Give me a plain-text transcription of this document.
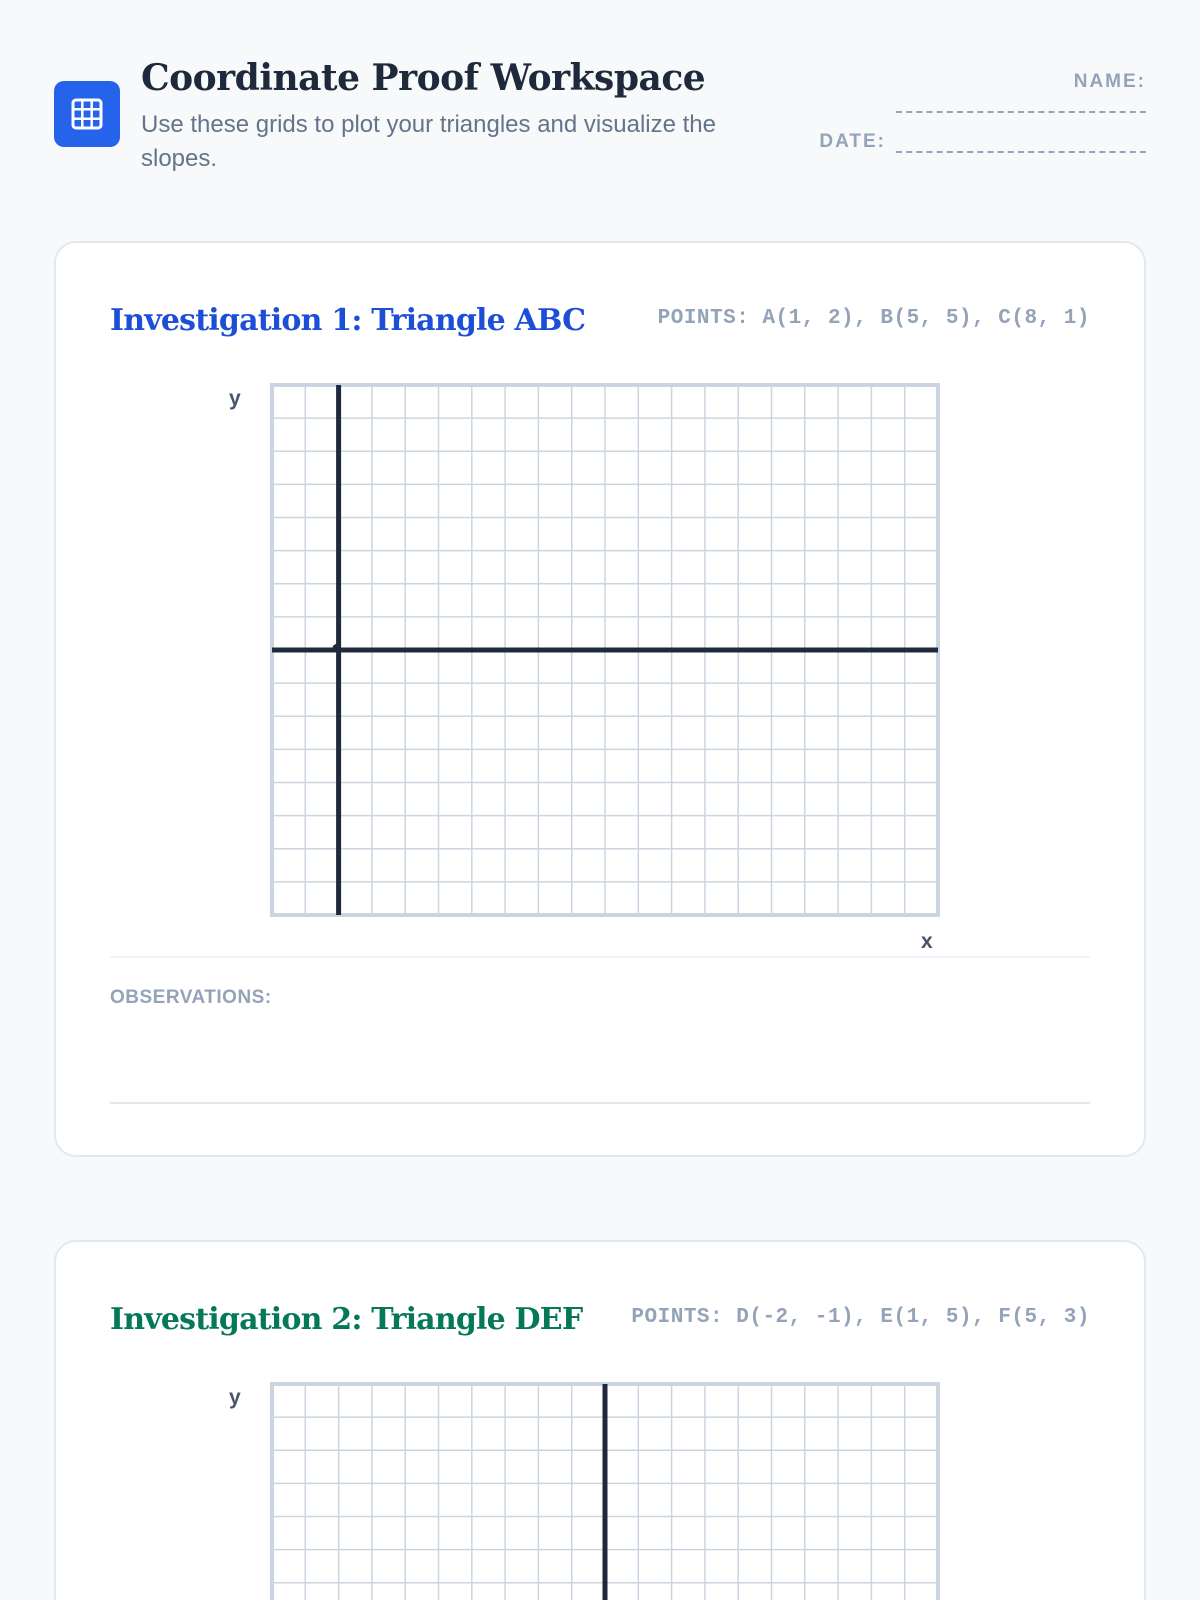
Coordinate Proof Workspace

Use these grids to plot your triangles and visualize the slopes.

NAME:
DATE:
Investigation 1: Triangle ABC	POINTS: A(1, 2), B(5, 5), C(8, 1)
y
x
OBSERVATIONS:
Investigation 2: Triangle DEF POINTS: D(-2, -1), E(1, 5), F(5, 3)
y
